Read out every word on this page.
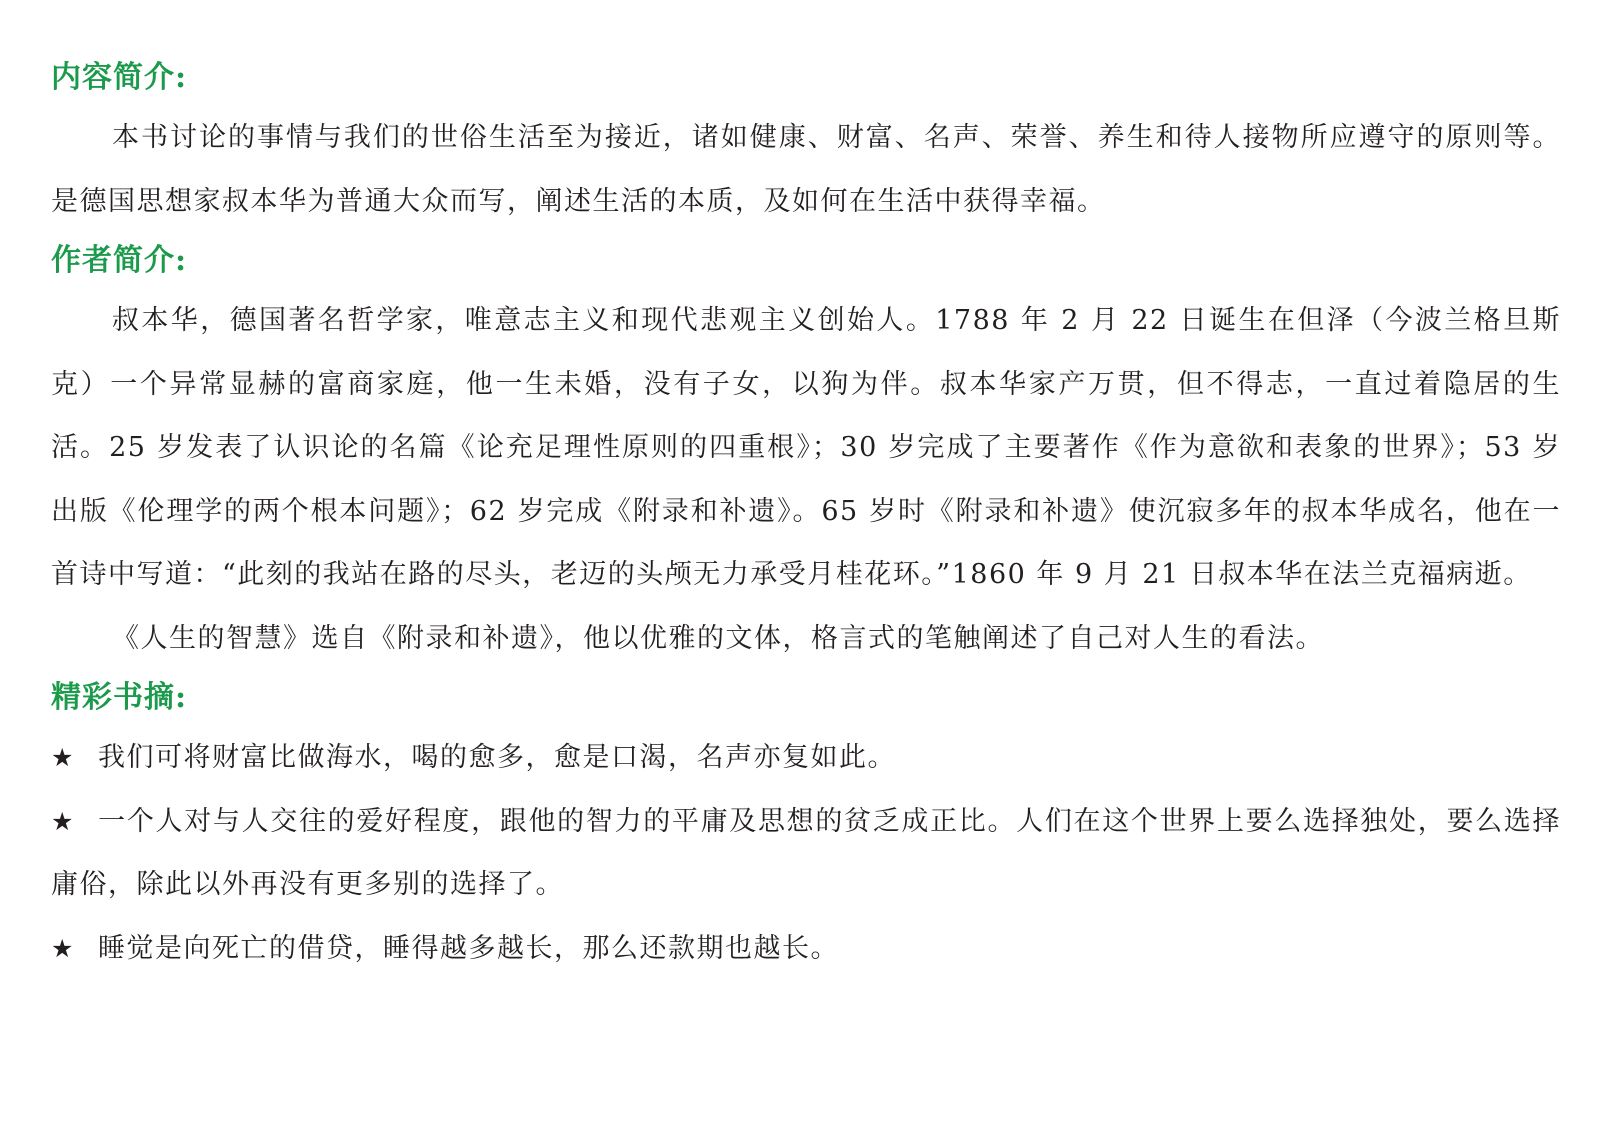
内容简介:

本书讨论的事情与我们的世俗生活至为接近，诸如健康、财富、名声、荣誉、养生和待人接物所应遵守的原则等。是德国思想家叔本华为普通大众而写，阐述生活的本质，及如何在生活中获得幸福。

作者简介:

叔本华，德国著名哲学家，唯意志主义和现代悲观主义创始人。1788 年 2 月 22 日诞生在但泽（今波兰格旦斯克）一个异常显赫的富商家庭，他一生未婚，没有子女，以狗为伴。叔本华家产万贯，但不得志，一直过着隐居的生活。25 岁发表了认识论的名篇《论充足理性原则的四重根》；30 岁完成了主要著作《作为意欲和表象的世界》；53 岁出版《伦理学的两个根本问题》；62 岁完成《附录和补遗》。65 岁时《附录和补遗》使沉寂多年的叔本华成名，他在一首诗中写道：“此刻的我站在路的尽头，老迈的头颅无力承受月桂花环。”1860 年 9 月 21 日叔本华在法兰克福病逝。

《人生的智慧》选自《附录和补遗》，他以优雅的文体，格言式的笔触阐述了自己对人生的看法。

精彩书摘:

★ 我们可将财富比做海水，喝的愈多，愈是口渴，名声亦复如此。

★ 一个人对与人交往的爱好程度，跟他的智力的平庸及思想的贫乏成正比。人们在这个世界上要么选择独处，要么选择庸俗，除此以外再没有更多别的选择了。

★ 睡觉是向死亡的借贷，睡得越多越长，那么还款期也越长。
